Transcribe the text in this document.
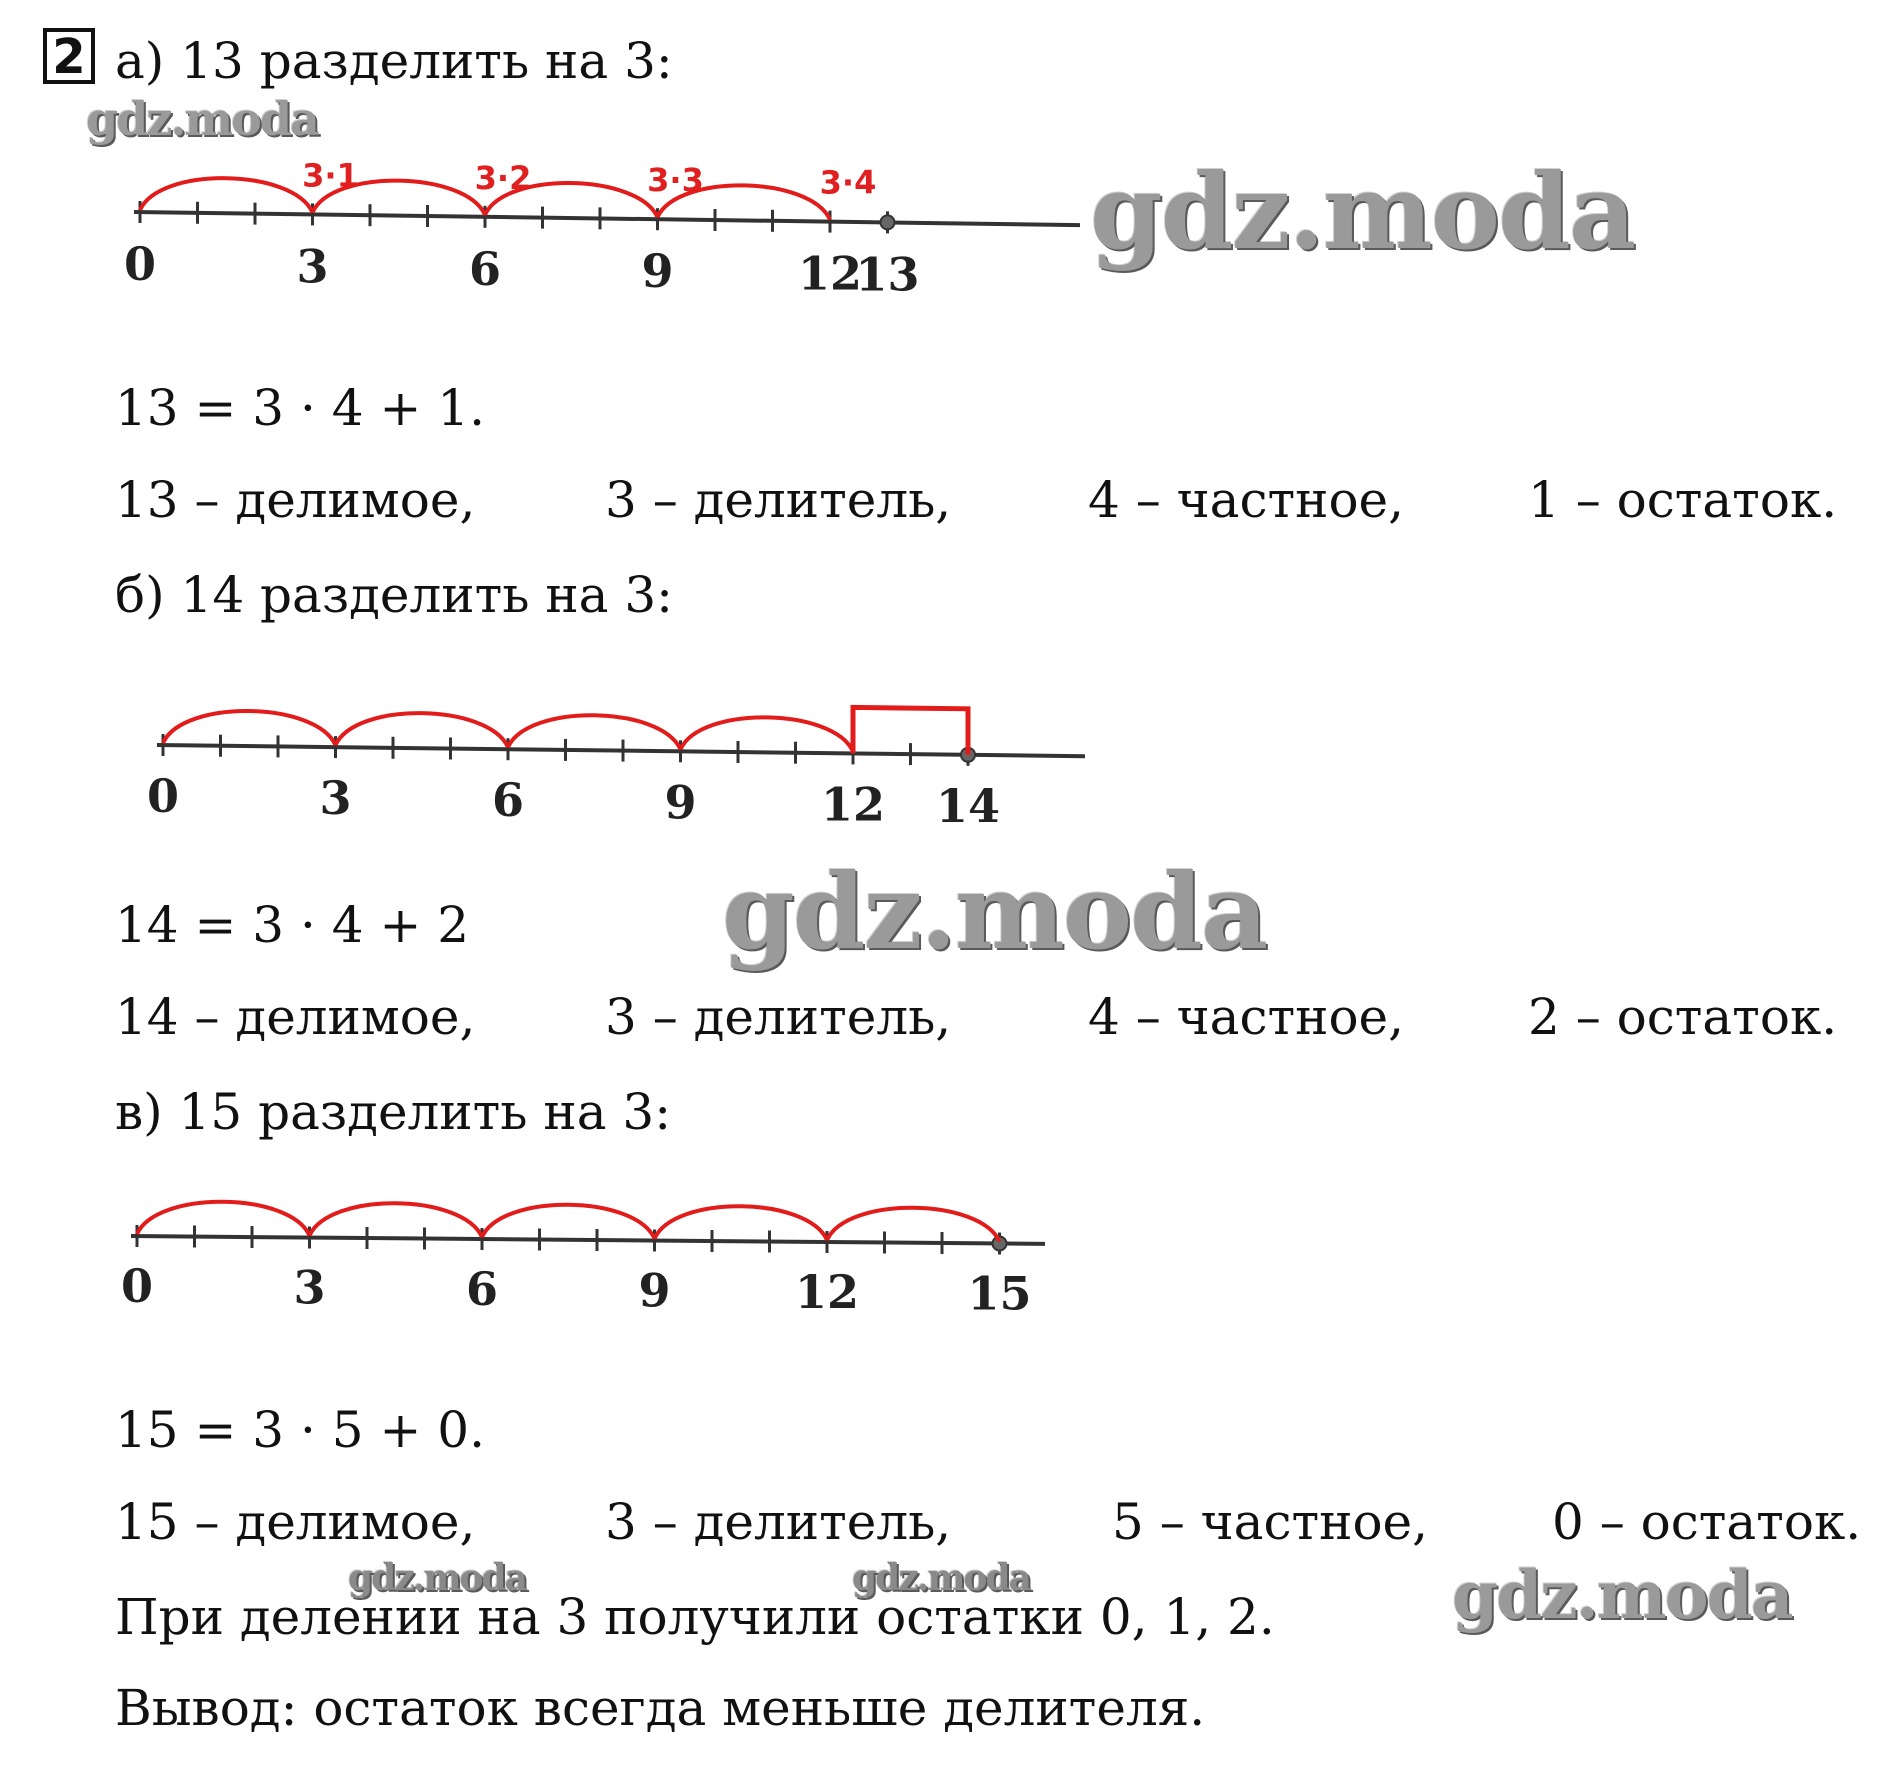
2 а) 13 разделить на 3:
gdz.moda
0	3	6	9	12
13
3·1	3·2	3·3	3·4 gdz.moda
13 = 3 · 4 + 1.
13 – делимое,	3 – делитель,	4 – частное, 1 – остаток.
б) 14 разделить на 3:
0	3	6	9	12 14
14 = 3 · 4 + 2 gdz.moda
14 – делимое,	3 – делитель,	4 – частное, 2 – остаток.
в) 15 разделить на 3:
0	3	6	9	12 15
15 = 3 · 5 + 0.
15 – делимое,	3 – делитель,	5 – частное, 0 – остаток.
gdz.moda	gdz.moda	gdz.moda
При делении на 3 получили остатки 0, 1, 2.
Вывод: остаток всегда меньше делителя.
